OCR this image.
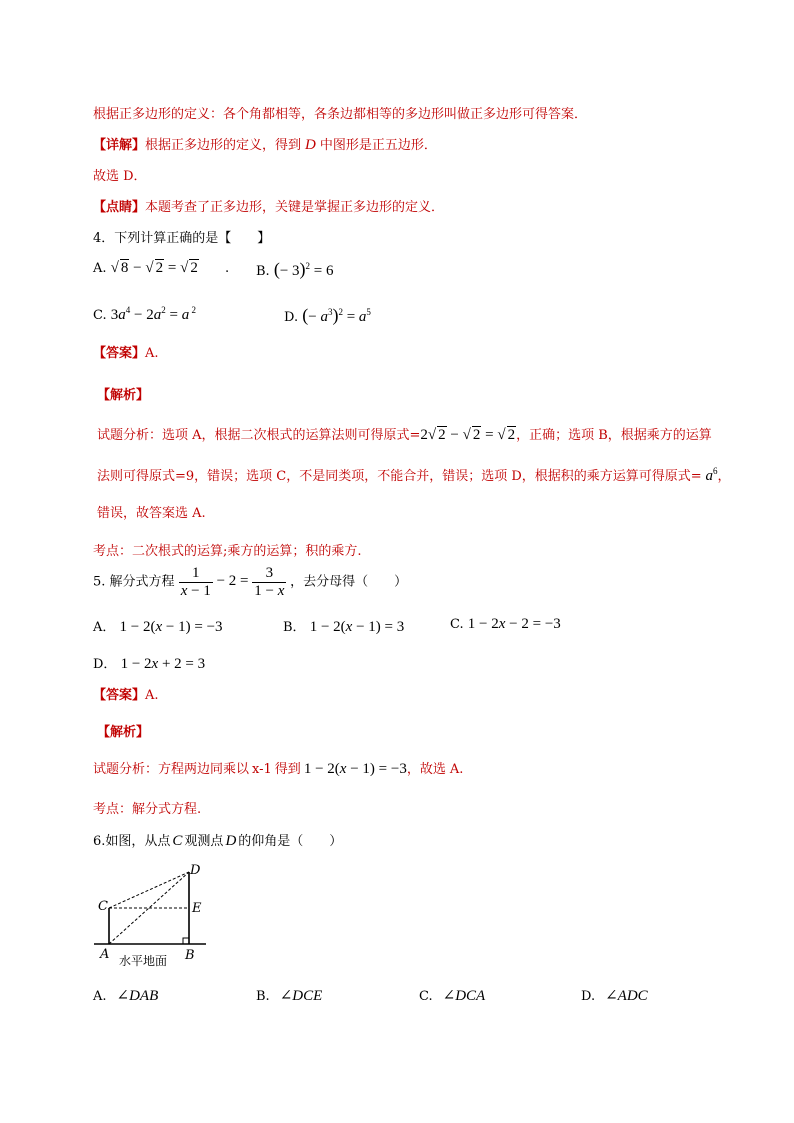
根据正多边形的定义：各个角都相等，各条边都相等的多边形叫做正多边形可得答案．
【详解】根据正多边形的定义，得到 D 中图形是正五边形．
故选 D．
【点睛】本题考查了正多边形，关键是掌握正多边形的定义．
4．下列计算正确的是【　　】
A. √ 8 − √ 2 = √ 2 . B. (− 3)$^2$ = 6
C. $3a^4 - 2a^2 = a$ $^2$	D. (− $a^3)^2 = a^5$
【答案】A.
【解析】
试题分析：选项 A，根据二次根式的运算法则可得原式=2√ 2 − √ 2 = √ 2，正确；选项 B，根据乘方的运算
法则可得原式=9，错误；选项 C，不是同类项，不能合并，错误；选项 D，根据积的乘方运算可得原式= $a^6$，
错误，故答案选 A.
考点：二次根式的运算;乘方的运算；积的乘方.
5. 解分式方程 $\frac{1}{x - 1} - 2 = \frac{3}{1 - x}$ ，去分母得（　　）
A． 1 − 2(x − 1) = −3	B． 1 − 2(x − 1) = 3	C. 1 − 2x − 2 = −3
D． 1 − 2x + 2 = 3
【答案】A.
【解析】
试题分析：方程两边同乘以 x-1 得到 1 − 2(x − 1) = −3，故选 A.
考点：解分式方程.
6.如图，从点 C 观测点 D 的仰角是（　　）
C
D
E
A	B
水平地面
A. ∠DAB	B. ∠DCE	C. ∠DCA	D. ∠ADC
